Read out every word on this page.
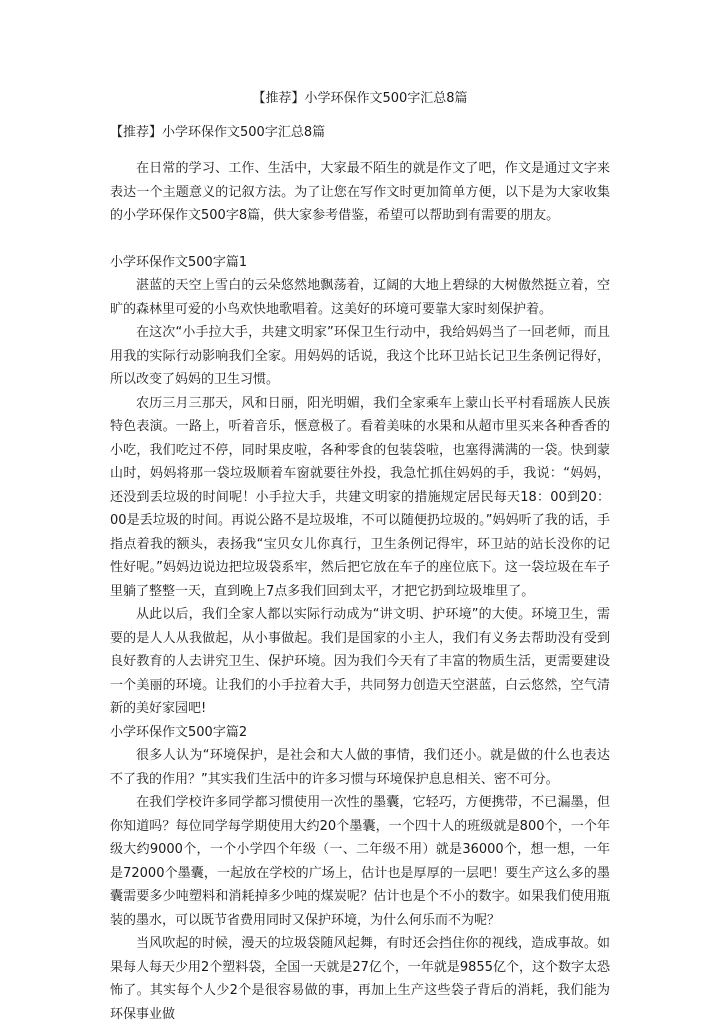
【推荐】小学环保作文500字汇总8篇
【推荐】小学环保作文500字汇总8篇

在日常的学习、工作、生活中，大家最不陌生的就是作文了吧，作文是通过文字来表达一个主题意义的记叙方法。为了让您在写作文时更加简单方便，以下是为大家收集的小学环保作文500字8篇，供大家参考借鉴，希望可以帮助到有需要的朋友。

小学环保作文500字篇1

湛蓝的天空上雪白的云朵悠然地飘荡着，辽阔的大地上碧绿的大树傲然挺立着，空旷的森林里可爱的小鸟欢快地歌唱着。这美好的环境可要靠大家时刻保护着。

在这次“小手拉大手，共建文明家”环保卫生行动中，我给妈妈当了一回老师，而且用我的实际行动影响我们全家。用妈妈的话说，我这个比环卫站长记卫生条例记得好，所以改变了妈妈的卫生习惯。

农历三月三那天，风和日丽，阳光明媚，我们全家乘车上蒙山长平村看瑶族人民族特色表演。一路上，听着音乐，惬意极了。看着美味的水果和从超市里买来各种香香的小吃，我们吃过不停，同时果皮啦，各种零食的包装袋啦，也塞得满满的一袋。快到蒙山时，妈妈将那一袋垃圾顺着车窗就要往外投，我急忙抓住妈妈的手，我说：“妈妈，还没到丢垃圾的时间呢！小手拉大手，共建文明家的措施规定居民每天18：00到20：00是丢垃圾的时间。再说公路不是垃圾堆，不可以随便扔垃圾的。”妈妈听了我的话，手指点着我的额头，表扬我“宝贝女儿你真行，卫生条例记得牢，环卫站的站长没你的记性好呢。”妈妈边说边把垃圾袋系牢，然后把它放在车子的座位底下。这一袋垃圾在车子里躺了整整一天，直到晚上7点多我们回到太平，才把它扔到垃圾堆里了。

从此以后，我们全家人都以实际行动成为“讲文明、护环境”的大使。环境卫生，需要的是人人从我做起，从小事做起。我们是国家的小主人，我们有义务去帮助没有受到良好教育的人去讲究卫生、保护环境。因为我们今天有了丰富的物质生活，更需要建设一个美丽的环境。让我们的小手拉着大手，共同努力创造天空湛蓝，白云悠然，空气清新的美好家园吧!

小学环保作文500字篇2

很多人认为“环境保护，是社会和大人做的事情，我们还小。就是做的什么也表达不了我的作用？”其实我们生活中的许多习惯与环境保护息息相关、密不可分。

在我们学校许多同学都习惯使用一次性的墨囊，它轻巧，方便携带，不已漏墨，但你知道吗？每位同学每学期使用大约20个墨囊，一个四十人的班级就是800个，一个年级大约9000个，一个小学四个年级（一、二年级不用）就是36000个，想一想，一年是72000个墨囊，一起放在学校的广场上，估计也是厚厚的一层吧！要生产这么多的墨囊需要多少吨塑料和消耗掉多少吨的煤炭呢？估计也是个不小的数字。如果我们使用瓶装的墨水，可以既节省费用同时又保护环境，为什么何乐而不为呢？

当风吹起的时候，漫天的垃圾袋随风起舞，有时还会挡住你的视线，造成事故。如果每人每天少用2个塑料袋，全国一天就是27亿个，一年就是9855亿个，这个数字太恐怖了。其实每个人少2个是很容易做的事，再加上生产这些袋子背后的消耗，我们能为环保事业做
